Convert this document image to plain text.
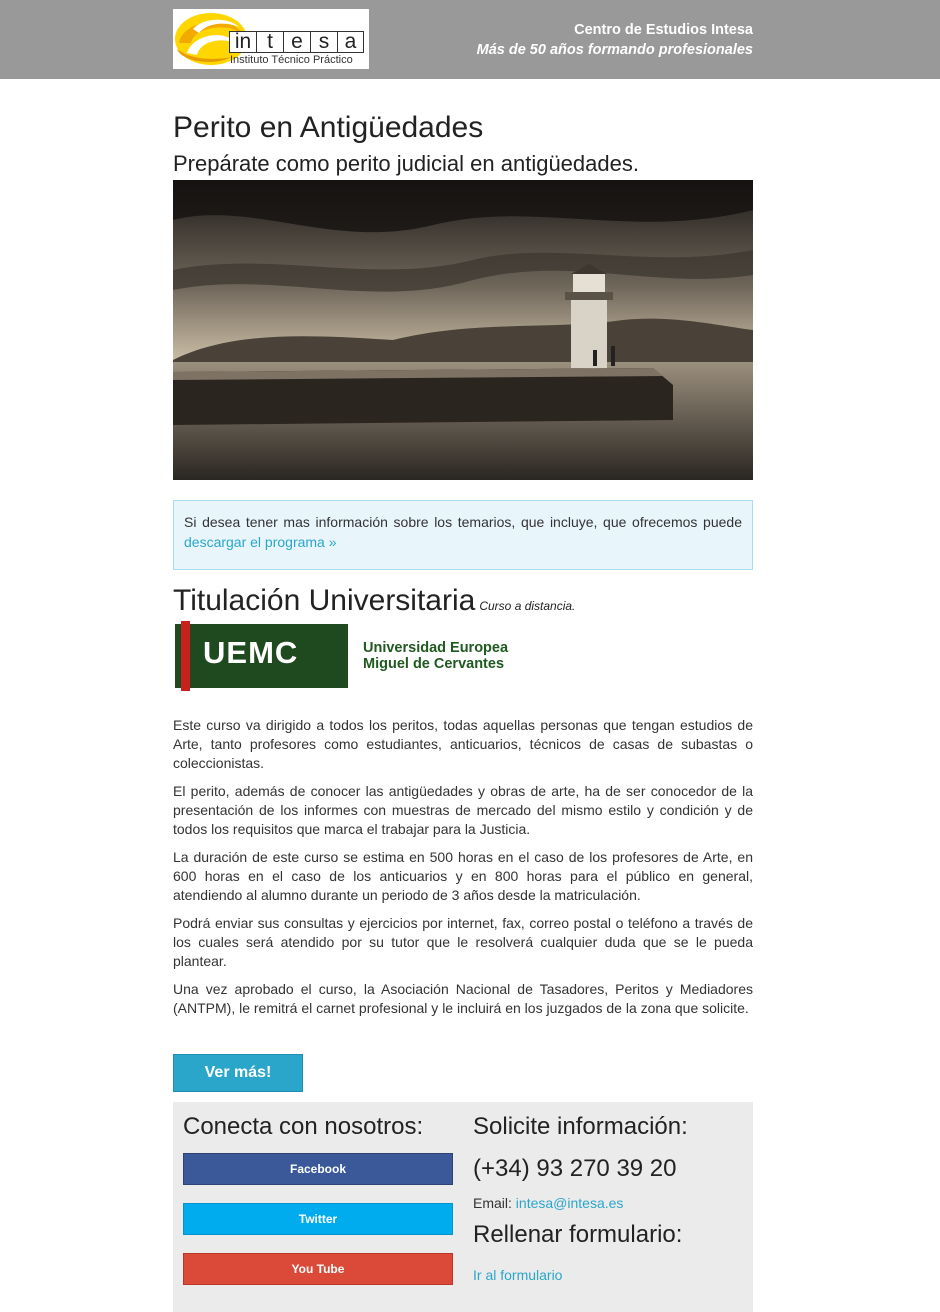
in t e s a
Instituto Técnico Práctico
Centro de Estudios Intesa
Más de 50 años formando profesionales
Perito en Antigüedades
Prepárate como perito judicial en antigüedades.
Si desea tener mas información sobre los temarios, que incluye, que ofrecemos puede descargar el programa »
Titulación Universitaria Curso a distancia.
UEMC	Universidad Europea
Miguel de Cervantes

Este curso va dirigido a todos los peritos, todas aquellas personas que tengan estudios de Arte, tanto profesores como estudiantes, anticuarios, técnicos de casas de subastas o coleccionistas.

El perito, además de conocer las antigüedades y obras de arte, ha de ser conocedor de la presentación de los informes con muestras de mercado del mismo estilo y condición y de todos los requisitos que marca el trabajar para la Justicia.

La duración de este curso se estima en 500 horas en el caso de los profesores de Arte, en 600 horas en el caso de los anticuarios y en 800 horas para el público en general, atendiendo al alumno durante un periodo de 3 años desde la matriculación.

Podrá enviar sus consultas y ejercicios por internet, fax, correo postal o teléfono a través de los cuales será atendido por su tutor que le resolverá cualquier duda que se le pueda plantear.

Una vez aprobado el curso, la Asociación Nacional de Tasadores, Peritos y Mediadores (ANTPM), le remitrá el carnet profesional y le incluirá en los juzgados de la zona que solicite.

Ver más!
Conecta con nosotros:
Facebook
Twitter
You Tube
Solicite información:
(+34) 93 270 39 20
Email: intesa@intesa.es
Rellenar formulario:
Ir al formulario
